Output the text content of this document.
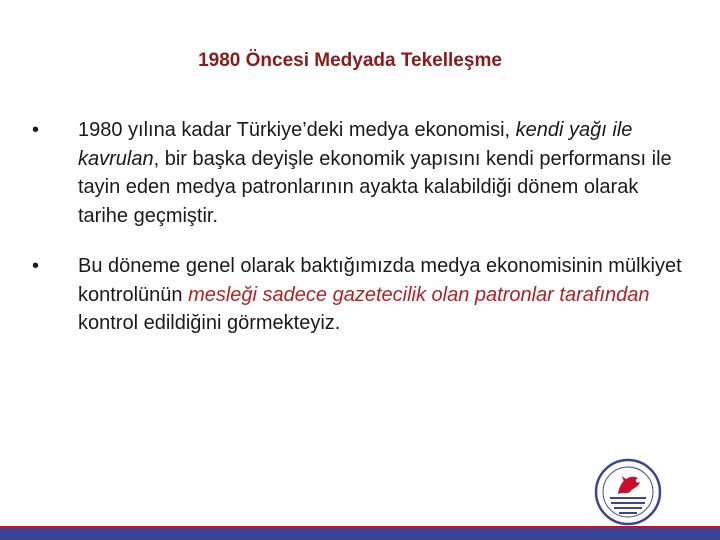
1980 Öncesi Medyada Tekelleşme
• 1980 yılına kadar Türkiye’deki medya ekonomisi, kendi yağı ile kavrulan, bir başka deyişle ekonomik yapısını kendi performansı ile tayin eden medya patronlarının ayakta kalabildiği dönem olarak tarihe geçmiştir.
• Bu döneme genel olarak baktığımızda medya ekonomisinin mülkiyet kontrolünün mesleği sadece gazetecilik olan patronlar tarafından kontrol edildiğini görmekteyiz.
